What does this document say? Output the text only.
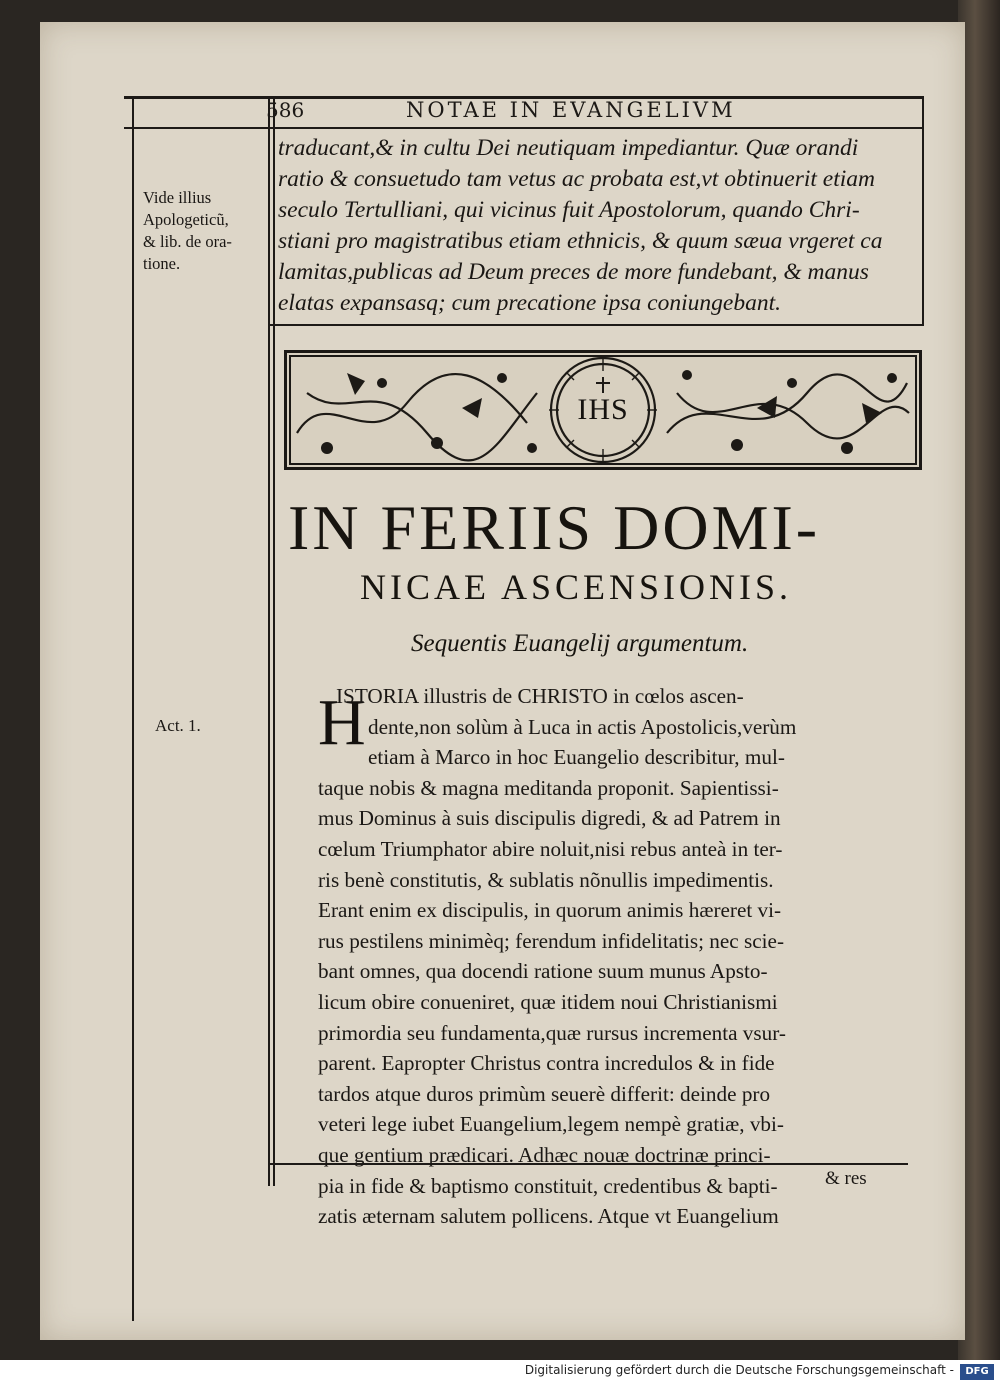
586	NOTAE IN EVANGELIVM

traducant,& in cultu Dei neutiquam impediantur. Quæ orandi

ratio & consuetudo tam vetus ac probata est,vt obtinuerit etiam

seculo Tertulliani, qui vicinus fuit Apostolorum, quando Chri-

stiani pro magistratibus etiam ethnicis, & quum sæua vrgeret ca

lamitas,publicas ad Deum preces de more fundebant, & manus

elatas expansasq; cum precatione ipsa coniungebant.

Vide illius

Apologeticũ,

& lib. de ora-

tione.

Act. 1.
IHS
IN FERIIS DOMI-
NICAE ASCENSIONIS.
Sequentis Euangelij argumentum.
H

ISTORIA illustris de CHRISTO in cœlos ascen-

dente,non solùm à Luca in actis Apostolicis,verùm

etiam à Marco in hoc Euangelio describitur, mul-

taque nobis & magna meditanda proponit. Sapientissi-

mus Dominus à suis discipulis digredi, & ad Patrem in

cœlum Triumphator abire noluit,nisi rebus anteà in ter-

ris benè constitutis, & sublatis nõnullis impedimentis.

Erant enim ex discipulis, in quorum animis hæreret vi-

rus pestilens minimèq; ferendum infidelitatis; nec scie-

bant omnes, qua docendi ratione suum munus Apsto-

licum obire conueniret, quæ itidem noui Christianismi

primordia seu fundamenta,quæ rursus incrementa vsur-

parent. Eapropter Christus contra incredulos & in fide

tardos atque duros primùm seuerè differit: deinde pro

veteri lege iubet Euangelium,legem nempè gratiæ, vbi-

que gentium prædicari. Adhæc nouæ doctrinæ princi-

pia in fide & baptismo constituit, credentibus & bapti-

zatis æternam salutem pollicens. Atque vt Euangelium

& res
Digitalisierung gefördert durch die Deutsche Forschungsgemeinschaft -	DFG
